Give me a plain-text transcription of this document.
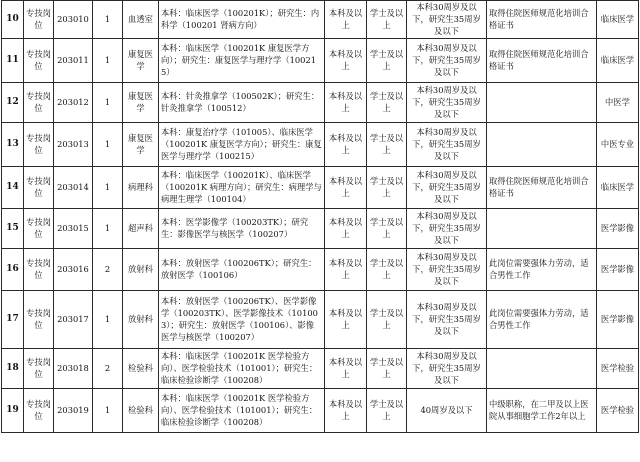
10	专技岗位	203010	1	血透室	本科：临床医学（100201K）；研究生：内科学（100201 肾病方向）	本科及以上	学士及以上	本科30周岁及以下，研究生35周岁及以下	取得住院医师规范化培训合格证书	临床医学
11	专技岗位	203011	1	康复医学	本科：临床医学（100201K 康复医学方向）；研究生：康复医学与理疗学（100215）	本科及以上	学士及以上	本科30周岁及以下，研究生35周岁及以下	取得住院医师规范化培训合格证书	临床医学
12	专技岗位	203012	1	康复医学	本科：针灸推拿学（100502K）；研究生：针灸推拿学（100512）	本科及以上	学士及以上	本科30周岁及以下，研究生35周岁及以下		中医学
13	专技岗位	203013	1	康复医学	本科：康复治疗学（101005）、临床医学（100201K 康复医学方向）；研究生：康复医学与理疗学（100215）	本科及以上	学士及以上	本科30周岁及以下，研究生35周岁及以下		中医专业
14	专技岗位	203014	1	病理科	本科：临床医学（100201K）、临床医学（100201K 病理方向）；研究生：病理学与病理生理学（100104）	本科及以上	学士及以上	本科30周岁及以下，研究生35周岁及以下	取得住院医师规范化培训合格证书	临床医学
15	专技岗位	203015	1	超声科	本科：医学影像学（100203TK）；研究生：影像医学与核医学（100207）	本科及以上	学士及以上	本科30周岁及以下，研究生35周岁及以下		医学影像
16	专技岗位	203016	2	放射科	本科：放射医学（100206TK）；研究生：放射医学（100106）	本科及以上	学士及以上	本科30周岁及以下，研究生35周岁及以下	此岗位需要强体力劳动，适合男性工作	医学影像
17	专技岗位	203017	1	放射科	本科：放射医学（100206TK）、医学影像学（100203TK）、医学影像技术（101003）；研究生：放射医学（100106）、影像医学与核医学（100207）	本科及以上	学士及以上	本科30周岁及以下，研究生35周岁及以下	此岗位需要强体力劳动，适合男性工作	医学影像
18	专技岗位	203018	2	检验科	本科：临床医学（100201K 医学检验方向）、医学检验技术（101001）；研究生：临床检验诊断学（100208）	本科及以上	学士及以上	本科30周岁及以下，研究生35周岁及以下		医学检验
19	专技岗位	203019	1	检验科	本科：临床医学（100201K 医学检验方向）、医学检验技术（101001）；研究生：临床检验诊断学（100208）	本科及以上	学士及以上	40周岁及以下	中级职称，在二甲及以上医院从事细胞学工作2年以上	医学检验
